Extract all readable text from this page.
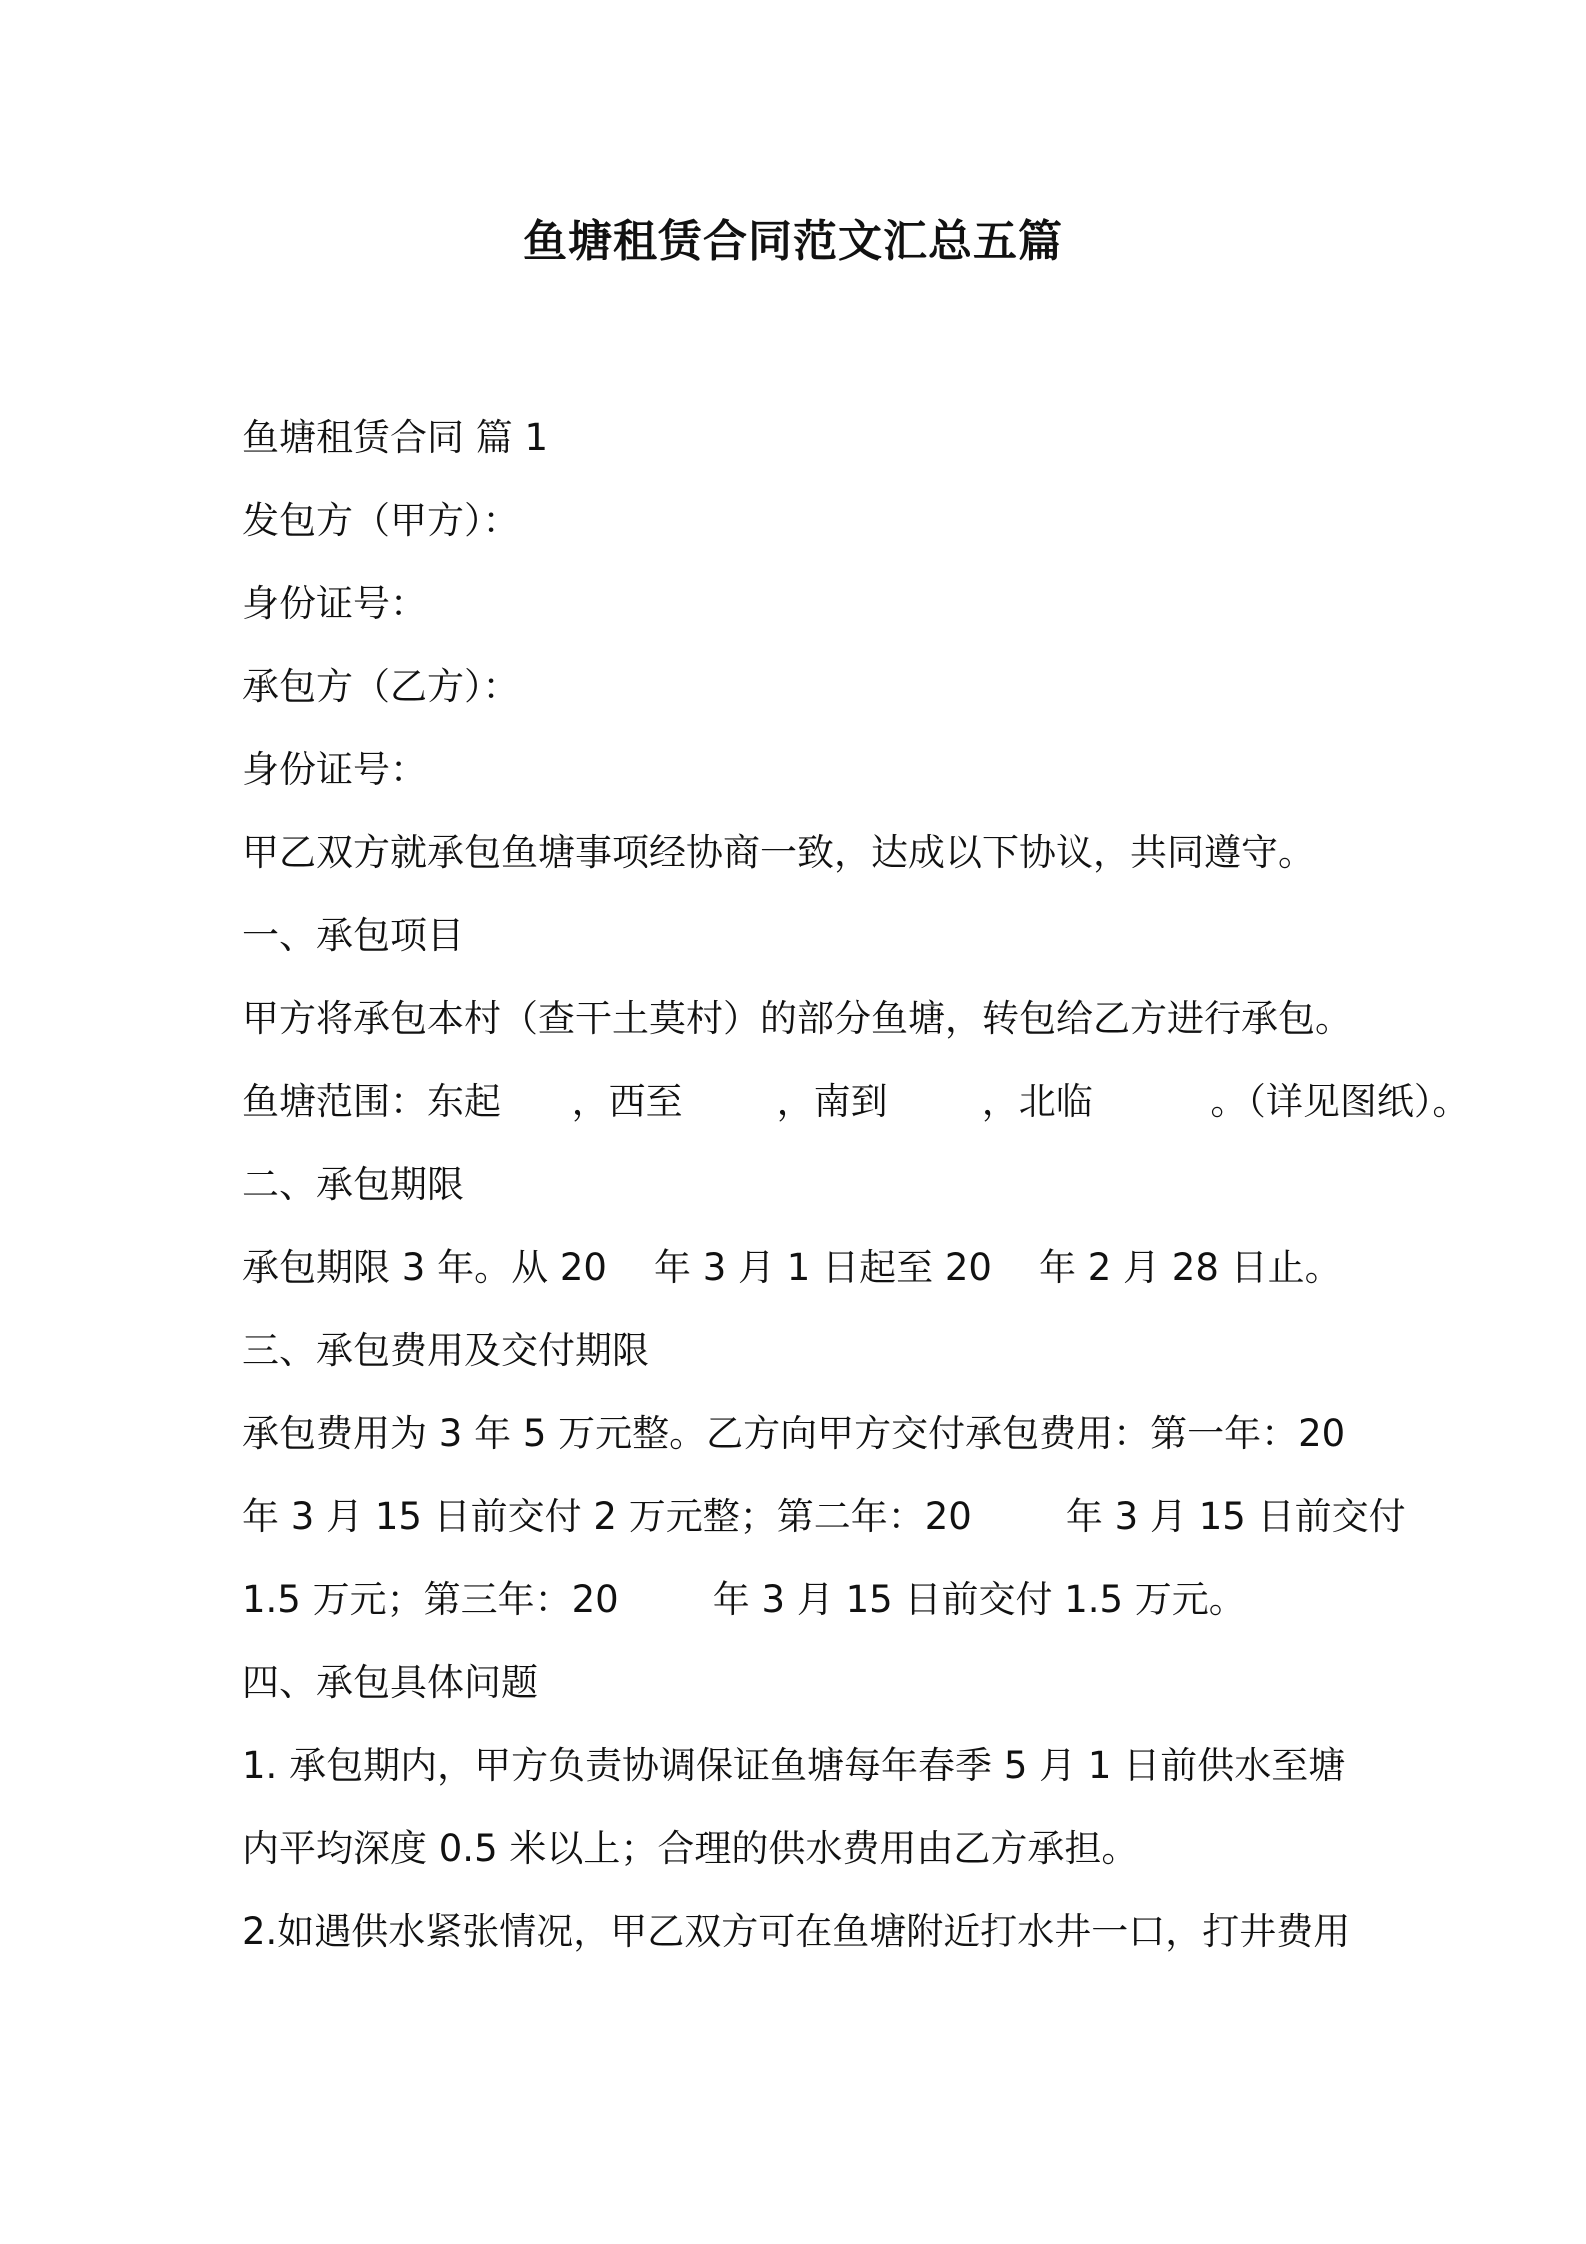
鱼塘租赁合同范文汇总五篇

鱼塘租赁合同 篇 1

发包方（甲方）：

身份证号：

承包方（乙方）：

身份证号：

甲乙双方就承包鱼塘事项经协商一致，达成以下协议，共同遵守。

一、承包项目

甲方将承包本村（查干土莫村）的部分鱼塘，转包给乙方进行承包。

鱼塘范围：东起      ，西至        ，南到        ，北临          。（详见图纸）。

二、承包期限

承包期限 3 年。从 20    年 3 月 1 日起至 20    年 2 月 28 日止。

三、承包费用及交付期限

承包费用为 3 年 5 万元整。乙方向甲方交付承包费用：第一年：20

年 3 月 15 日前交付 2 万元整；第二年：20        年 3 月 15 日前交付

1.5 万元；第三年：20        年 3 月 15 日前交付 1.5 万元。

四、承包具体问题

1. 承包期内，甲方负责协调保证鱼塘每年春季 5 月 1 日前供水至塘

内平均深度 0.5 米以上；合理的供水费用由乙方承担。

2.如遇供水紧张情况，甲乙双方可在鱼塘附近打水井一口，打井费用
